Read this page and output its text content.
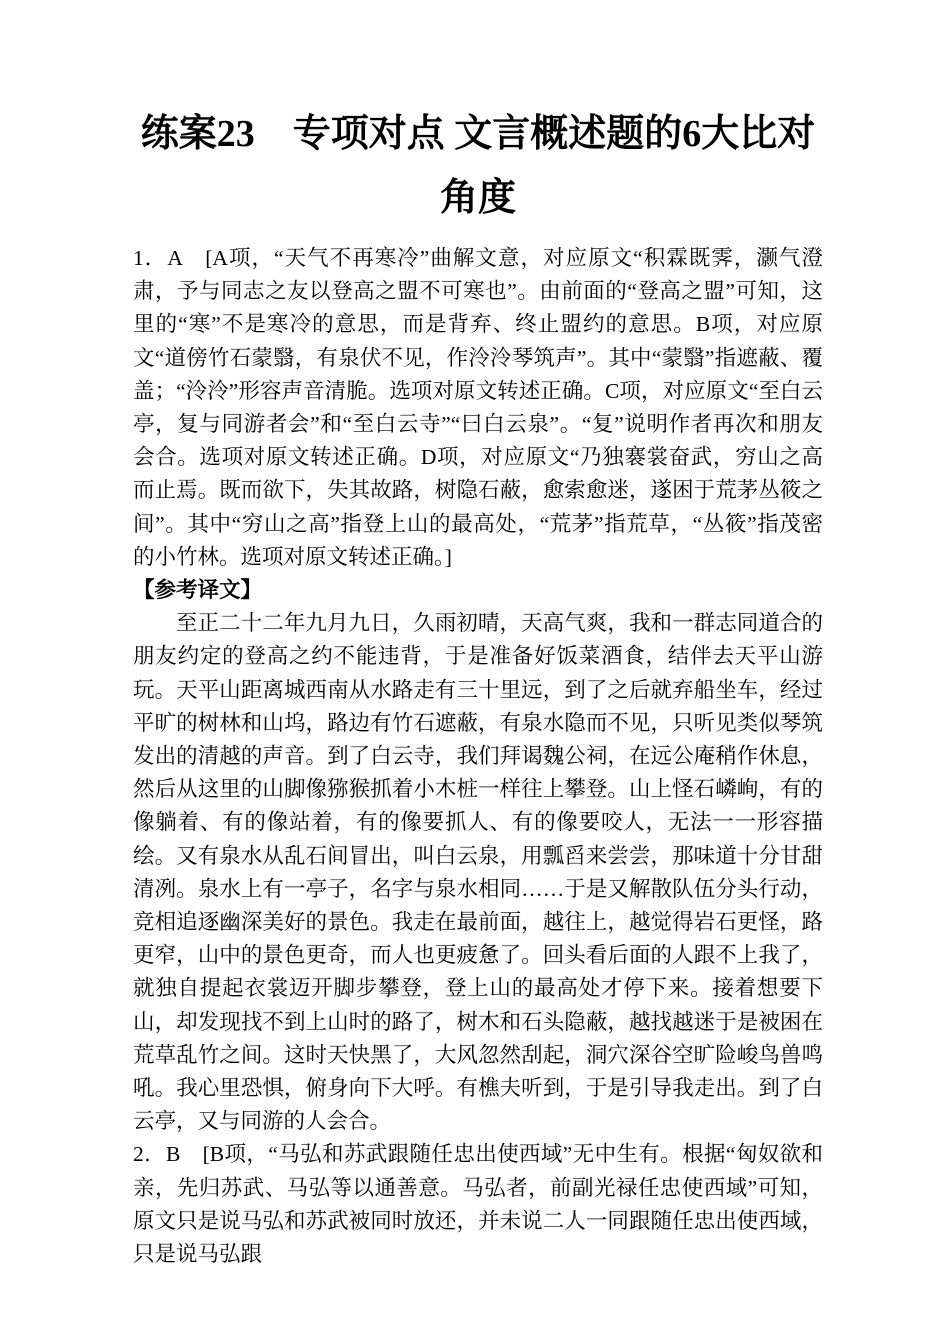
练案23　专项对点 文言概述题的6大比对
角度

1．A　[A项，“天气不再寒冷”曲解文意，对应原文“积霖既霁，灏气澄肃，予与同志之友以登高之盟不可寒也”。由前面的“登高之盟”可知，这里的“寒”不是寒冷的意思，而是背弃、终止盟约的意思。B项，对应原文“道傍竹石蒙翳，有泉伏不见，作泠泠琴筑声”。其中“蒙翳”指遮蔽、覆盖；“泠泠”形容声音清脆。选项对原文转述正确。C项，对应原文“至白云亭，复与同游者会”和“至白云寺”“曰白云泉”。“复”说明作者再次和朋友会合。选项对原文转述正确。D项，对应原文“乃独褰裳奋武，穷山之高而止焉。既而欲下，失其故路，树隐石蔽，愈索愈迷，遂困于荒茅丛筱之间”。其中“穷山之高”指登上山的最高处，“荒茅”指荒草，“丛筱”指茂密的小竹林。选项对原文转述正确。]

【参考译文】

至正二十二年九月九日，久雨初晴，天高气爽，我和一群志同道合的朋友约定的登高之约不能违背，于是准备好饭菜酒食，结伴去天平山游玩。天平山距离城西南从水路走有三十里远，到了之后就弃船坐车，经过平旷的树林和山坞，路边有竹石遮蔽，有泉水隐而不见，只听见类似琴筑发出的清越的声音。到了白云寺，我们拜谒魏公祠，在远公庵稍作休息，然后从这里的山脚像猕猴抓着小木桩一样往上攀登。山上怪石嶙峋，有的像躺着、有的像站着，有的像要抓人、有的像要咬人，无法一一形容描绘。又有泉水从乱石间冒出，叫白云泉，用瓢舀来尝尝，那味道十分甘甜清冽。泉水上有一亭子，名字与泉水相同……于是又解散队伍分头行动，竞相追逐幽深美好的景色。我走在最前面，越往上，越觉得岩石更怪，路更窄，山中的景色更奇，而人也更疲惫了。回头看后面的人跟不上我了，就独自提起衣裳迈开脚步攀登，登上山的最高处才停下来。接着想要下山，却发现找不到上山时的路了，树木和石头隐蔽，越找越迷于是被困在荒草乱竹之间。这时天快黑了，大风忽然刮起，洞穴深谷空旷险峻鸟兽鸣吼。我心里恐惧，俯身向下大呼。有樵夫听到，于是引导我走出。到了白云亭，又与同游的人会合。

2．B　[B项，“马弘和苏武跟随任忠出使西域”无中生有。根据“匈奴欲和亲，先归苏武、马弘等以通善意。马弘者，前副光禄任忠使西域”可知，原文只是说马弘和苏武被同时放还，并未说二人一同跟随任忠出使西域，只是说马弘跟
